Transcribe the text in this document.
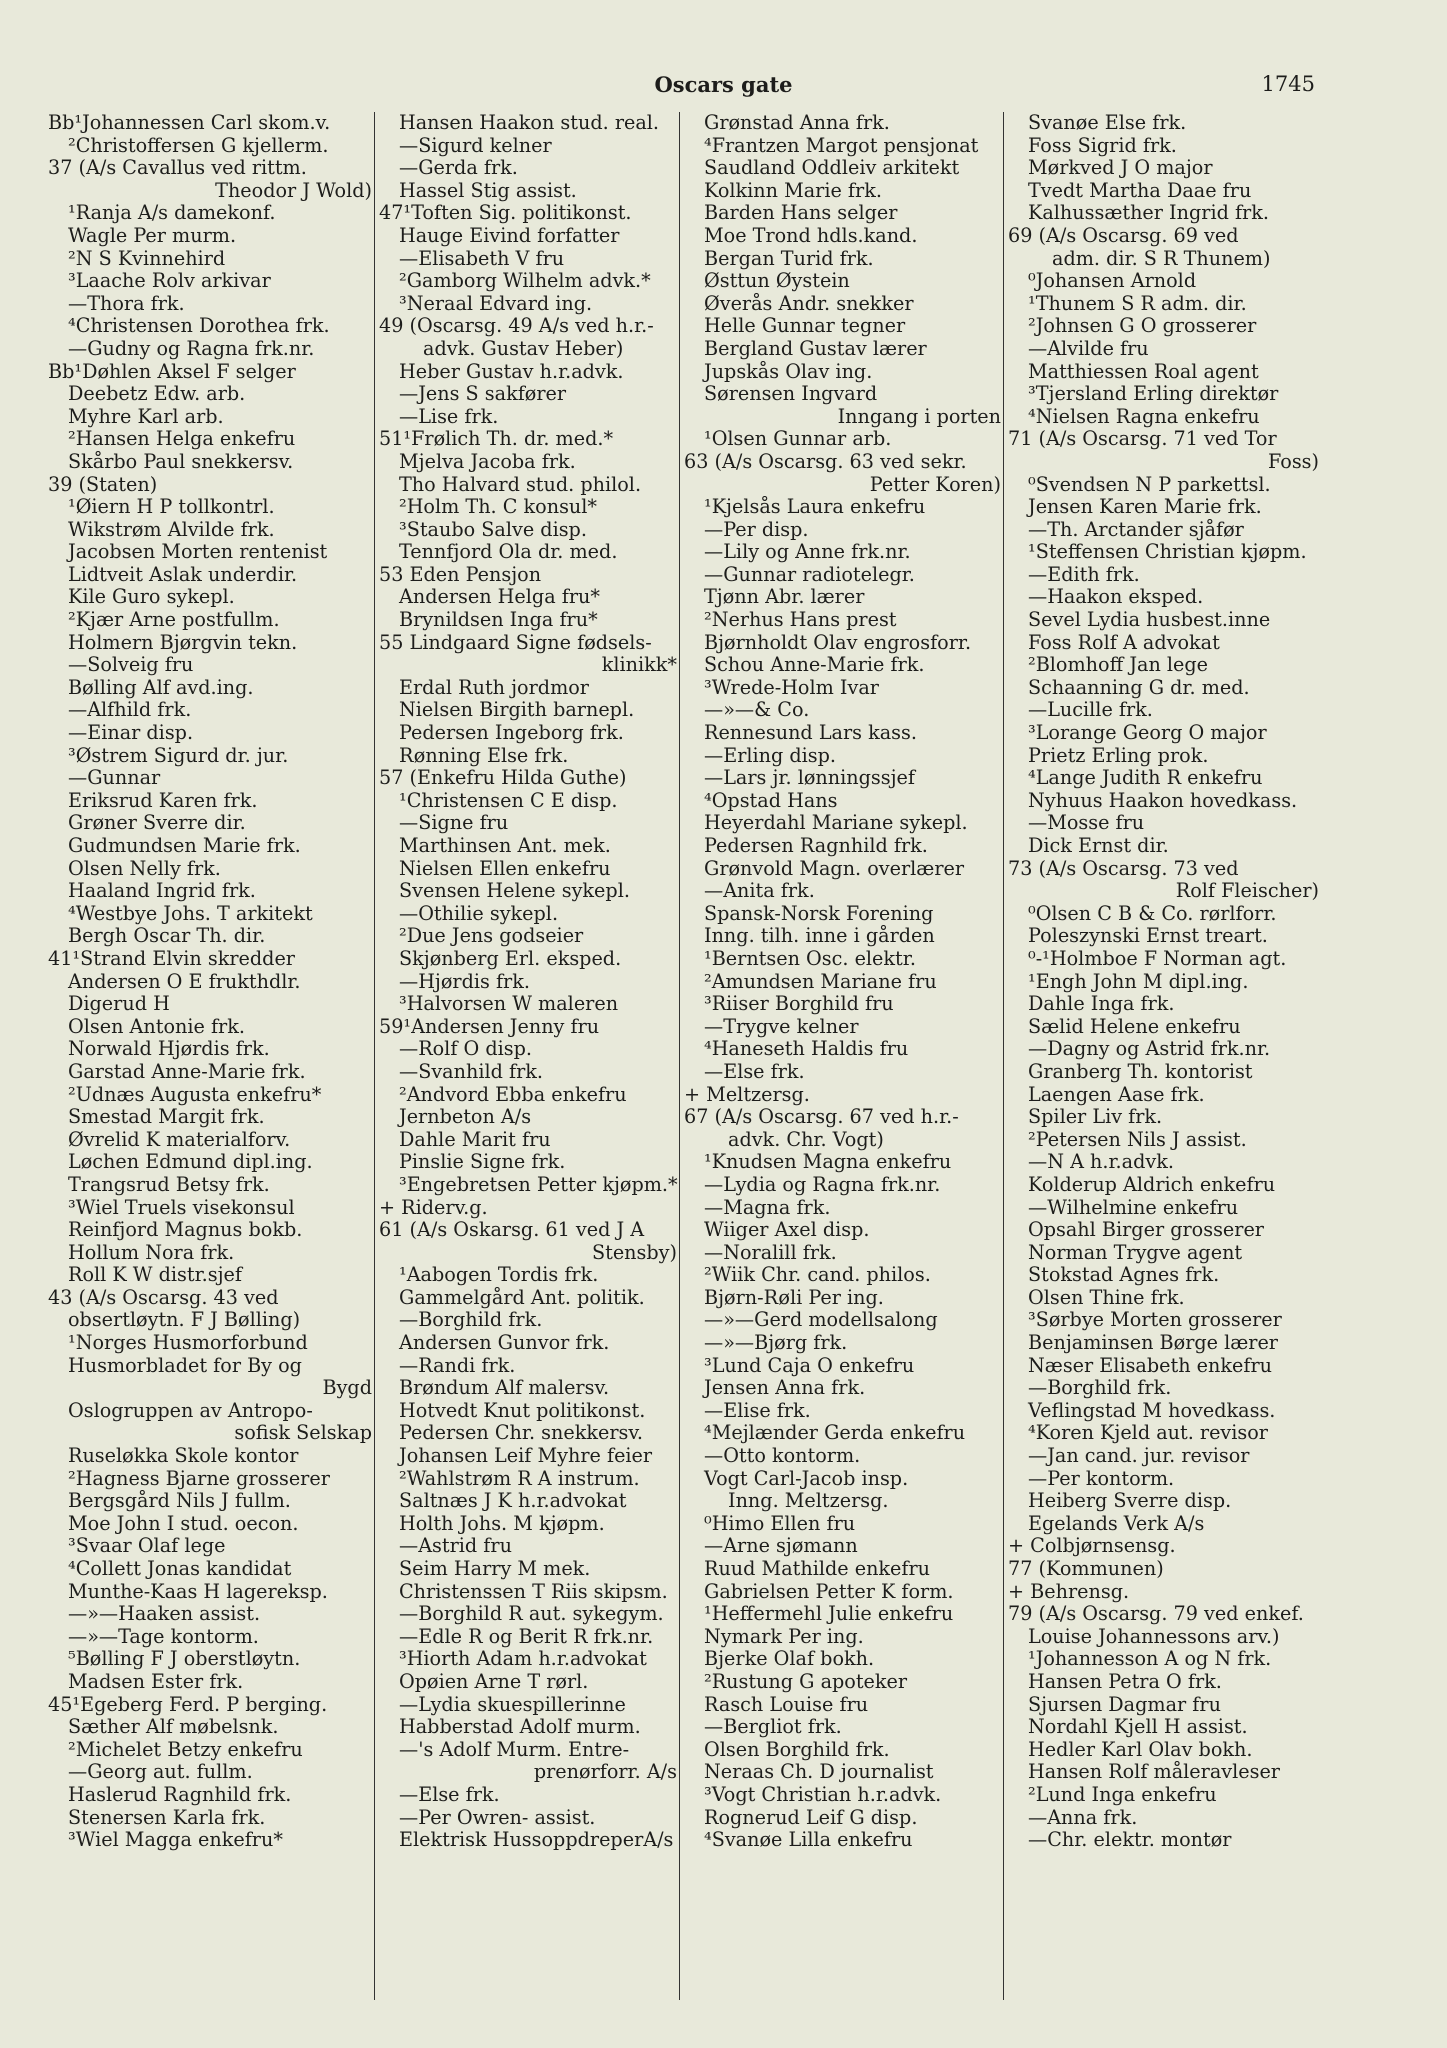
Oscars gate	1745
Bb¹Johannessen Carl skom.v.
²Christoffersen G kjellerm.
37 (A/s Cavallus ved rittm.
Theodor J Wold)
¹Ranja A/s damekonf.
Wagle Per murm.
²N S Kvinnehird
³Laache Rolv arkivar
—Thora frk.
⁴Christensen Dorothea frk.
—Gudny og Ragna frk.nr.
Bb¹Døhlen Aksel F selger
Deebetz Edw. arb.
Myhre Karl arb.
²Hansen Helga enkefru
Skårbo Paul snekkersv.
39 (Staten)
¹Øiern H P tollkontrl.
Wikstrøm Alvilde frk.
Jacobsen Morten rentenist
Lidtveit Aslak underdir.
Kile Guro sykepl.
²Kjær Arne postfullm.
Holmern Bjørgvin tekn.
—Solveig fru
Bølling Alf avd.ing.
—Alfhild frk.
—Einar disp.
³Østrem Sigurd dr. jur.
—Gunnar
Eriksrud Karen frk.
Grøner Sverre dir.
Gudmundsen Marie frk.
Olsen Nelly frk.
Haaland Ingrid frk.
⁴Westbye Johs. T arkitekt
Bergh Oscar Th. dir.
41¹Strand Elvin skredder
Andersen O E frukthdlr.
Digerud H
Olsen Antonie frk.
Norwald Hjørdis frk.
Garstad Anne-Marie frk.
²Udnæs Augusta enkefru*
Smestad Margit frk.
Øvrelid K materialforv.
Løchen Edmund dipl.ing.
Trangsrud Betsy frk.
³Wiel Truels visekonsul
Reinfjord Magnus bokb.
Hollum Nora frk.
Roll K W distr.sjef
43 (A/s Oscarsg. 43 ved
obsertløytn. F J Bølling)
¹Norges Husmorforbund
Husmorbladet for By og
Bygd
Oslogruppen av Antropo-
sofisk Selskap
Ruseløkka Skole kontor
²Hagness Bjarne grosserer
Bergsgård Nils J fullm.
Moe John I stud. oecon.
³Svaar Olaf lege
⁴Collett Jonas kandidat
Munthe-Kaas H lagereksp.
—»—Haaken assist.
—»—Tage kontorm.
⁵Bølling F J oberstløytn.
Madsen Ester frk.
45¹Egeberg Ferd. P berging.
Sæther Alf møbelsnk.
²Michelet Betzy enkefru
—Georg aut. fullm.
Haslerud Ragnhild frk.
Stenersen Karla frk.
³Wiel Magga enkefru*
Hansen Haakon stud. real.
—Sigurd kelner
—Gerda frk.
Hassel Stig assist.
47¹Toften Sig. politikonst.
Hauge Eivind forfatter
—Elisabeth V fru
²Gamborg Wilhelm advk.*
³Neraal Edvard ing.
49 (Oscarsg. 49 A/s ved h.r.-
advk. Gustav Heber)
Heber Gustav h.r.advk.
—Jens S sakfører
—Lise frk.
51¹Frølich Th. dr. med.*
Mjelva Jacoba frk.
Tho Halvard stud. philol.
²Holm Th. C konsul*
³Staubo Salve disp.
Tennfjord Ola dr. med.
53 Eden Pensjon
Andersen Helga fru*
Brynildsen Inga fru*
55 Lindgaard Signe fødsels-
klinikk*
Erdal Ruth jordmor
Nielsen Birgith barnepl.
Pedersen Ingeborg frk.
Rønning Else frk.
57 (Enkefru Hilda Guthe)
¹Christensen C E disp.
—Signe fru
Marthinsen Ant. mek.
Nielsen Ellen enkefru
Svensen Helene sykepl.
—Othilie sykepl.
²Due Jens godseier
Skjønberg Erl. eksped.
—Hjørdis frk.
³Halvorsen W maleren
59¹Andersen Jenny fru
—Rolf O disp.
—Svanhild frk.
²Andvord Ebba enkefru
Jernbeton A/s
Dahle Marit fru
Pinslie Signe frk.
³Engebretsen Petter kjøpm.*
+ Riderv.g.
61 (A/s Oskarsg. 61 ved J A
Stensby)
¹Aabogen Tordis frk.
Gammelgård Ant. politik.
—Borghild frk.
Andersen Gunvor frk.
—Randi frk.
Brøndum Alf malersv.
Hotvedt Knut politikonst.
Pedersen Chr. snekkersv.
Johansen Leif Myhre feier
²Wahlstrøm R A instrum.
Saltnæs J K h.r.advokat
Holth Johs. M kjøpm.
—Astrid fru
Seim Harry M mek.
Christenssen T Riis skipsm.
—Borghild R aut. sykegym.
—Edle R og Berit R frk.nr.
³Hiorth Adam h.r.advokat
Opøien Arne T rørl.
—Lydia skuespillerinne
Habberstad Adolf murm.
—'s Adolf Murm. Entre-
prenørforr. A/s
—Else frk.
—Per Owren- assist.
Elektrisk HussoppdreperA/s
Grønstad Anna frk.
⁴Frantzen Margot pensjonat
Saudland Oddleiv arkitekt
Kolkinn Marie frk.
Barden Hans selger
Moe Trond hdls.kand.
Bergan Turid frk.
Østtun Øystein
Øverås Andr. snekker
Helle Gunnar tegner
Bergland Gustav lærer
Jupskås Olav ing.
Sørensen Ingvard
Inngang i porten
¹Olsen Gunnar arb.
63 (A/s Oscarsg. 63 ved sekr.
Petter Koren)
¹Kjelsås Laura enkefru
—Per disp.
—Lily og Anne frk.nr.
—Gunnar radiotelegr.
Tjønn Abr. lærer
²Nerhus Hans prest
Bjørnholdt Olav engrosforr.
Schou Anne-Marie frk.
³Wrede-Holm Ivar
—»—& Co.
Rennesund Lars kass.
—Erling disp.
—Lars jr. lønningssjef
⁴Opstad Hans
Heyerdahl Mariane sykepl.
Pedersen Ragnhild frk.
Grønvold Magn. overlærer
—Anita frk.
Spansk-Norsk Forening
Inng. tilh. inne i gården
¹Berntsen Osc. elektr.
²Amundsen Mariane fru
³Riiser Borghild fru
—Trygve kelner
⁴Haneseth Haldis fru
—Else frk.
+ Meltzersg.
67 (A/s Oscarsg. 67 ved h.r.-
advk. Chr. Vogt)
¹Knudsen Magna enkefru
—Lydia og Ragna frk.nr.
—Magna frk.
Wiiger Axel disp.
—Noralill frk.
²Wiik Chr. cand. philos.
Bjørn-Røli Per ing.
—»—Gerd modellsalong
—»—Bjørg frk.
³Lund Caja O enkefru
Jensen Anna frk.
—Elise frk.
⁴Mejlænder Gerda enkefru
—Otto kontorm.
Vogt Carl-Jacob insp.
Inng. Meltzersg.
⁰Himo Ellen fru
—Arne sjømann
Ruud Mathilde enkefru
Gabrielsen Petter K form.
¹Heffermehl Julie enkefru
Nymark Per ing.
Bjerke Olaf bokh.
²Rustung G apoteker
Rasch Louise fru
—Bergliot frk.
Olsen Borghild frk.
Neraas Ch. D journalist
³Vogt Christian h.r.advk.
Rognerud Leif G disp.
⁴Svanøe Lilla enkefru
Svanøe Else frk.
Foss Sigrid frk.
Mørkved J O major
Tvedt Martha Daae fru
Kalhussæther Ingrid frk.
69 (A/s Oscarsg. 69 ved
adm. dir. S R Thunem)
⁰Johansen Arnold
¹Thunem S R adm. dir.
²Johnsen G O grosserer
—Alvilde fru
Matthiessen Roal agent
³Tjersland Erling direktør
⁴Nielsen Ragna enkefru
71 (A/s Oscarsg. 71 ved Tor
Foss)
⁰Svendsen N P parkettsl.
Jensen Karen Marie frk.
—Th. Arctander sjåfør
¹Steffensen Christian kjøpm.
—Edith frk.
—Haakon eksped.
Sevel Lydia husbest.inne
Foss Rolf A advokat
²Blomhoff Jan lege
Schaanning G dr. med.
—Lucille frk.
³Lorange Georg O major
Prietz Erling prok.
⁴Lange Judith R enkefru
Nyhuus Haakon hovedkass.
—Mosse fru
Dick Ernst dir.
73 (A/s Oscarsg. 73 ved
Rolf Fleischer)
⁰Olsen C B & Co. rørlforr.
Poleszynski Ernst treart.
⁰-¹Holmboe F Norman agt.
¹Engh John M dipl.ing.
Dahle Inga frk.
Sælid Helene enkefru
—Dagny og Astrid frk.nr.
Granberg Th. kontorist
Laengen Aase frk.
Spiler Liv frk.
²Petersen Nils J assist.
—N A h.r.advk.
Kolderup Aldrich enkefru
—Wilhelmine enkefru
Opsahl Birger grosserer
Norman Trygve agent
Stokstad Agnes frk.
Olsen Thine frk.
³Sørbye Morten grosserer
Benjaminsen Børge lærer
Næser Elisabeth enkefru
—Borghild frk.
Veflingstad M hovedkass.
⁴Koren Kjeld aut. revisor
—Jan cand. jur. revisor
—Per kontorm.
Heiberg Sverre disp.
Egelands Verk A/s
+ Colbjørnsensg.
77 (Kommunen)
+ Behrensg.
79 (A/s Oscarsg. 79 ved enkef.
Louise Johannessons arv.)
¹Johannesson A og N frk.
Hansen Petra O frk.
Sjursen Dagmar fru
Nordahl Kjell H assist.
Hedler Karl Olav bokh.
Hansen Rolf måleravleser
²Lund Inga enkefru
—Anna frk.
—Chr. elektr. montør
